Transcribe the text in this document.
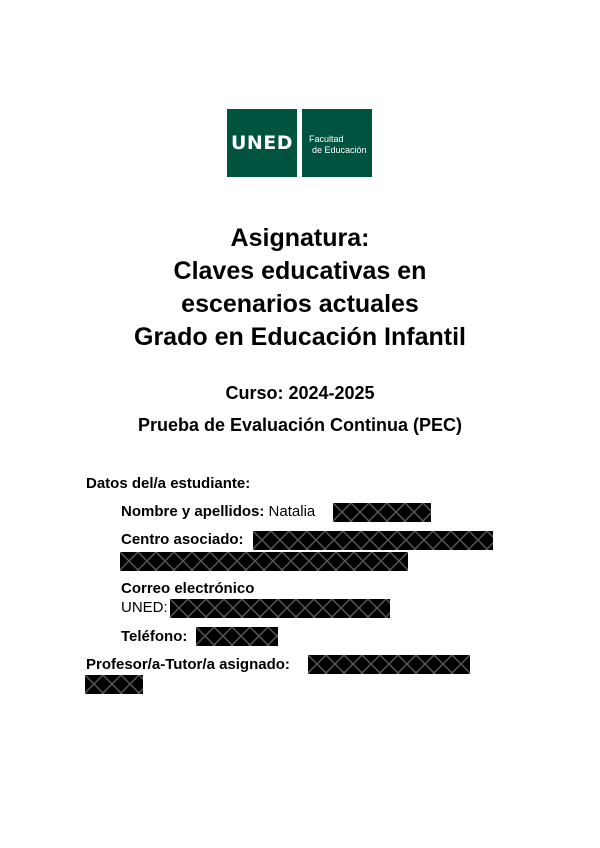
UNED	Facultad
de Educación
Asignatura:
Claves educativas en
escenarios actuales
Grado en Educación Infantil
Curso: 2024-2025
Prueba de Evaluación Continua (PEC)
Datos del/a estudiante:
Nombre y apellidos: Natalia
Centro asociado:
Correo electrónico
UNED:
Teléfono:
Profesor/a-Tutor/a asignado:
